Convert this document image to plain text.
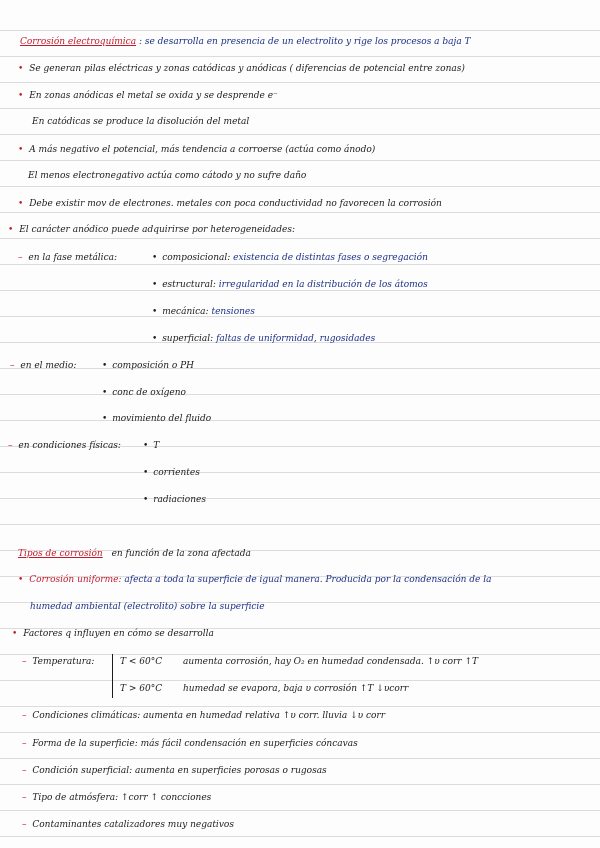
Corrosión electroquímica : se desarrolla en presencia de un electrolito y rige los procesos a baja T
• Se generan pilas eléctricas y zonas catódicas y anódicas ( diferencias de potencial entre zonas)
• En zonas anódicas el metal se oxida y se desprende e⁻
En catódicas se produce la disolución del metal
• A más negativo el potencial, más tendencia a corroerse (actúa como ánodo)
El menos electronegativo actúa como cátodo y no sufre daño
• Debe existir mov de electrones. metales con poca conductividad no favorecen la corrosión
• El carácter anódico puede adquirirse por heterogeneidades:
– en la fase metálica:	• composicional: existencia de distintas fases o segregación
• estructural: irregularidad en la distribución de los átomos
• mecánica: tensiones
• superficial: faltas de uniformidad, rugosidades
– en el medio:	• composición o PH
• conc de oxígeno
• movimiento del fluido
– en condiciones físicas: • T
• corrientes
• radiaciones
Tipos de corrosión en función de la zona afectada
• Corrosión uniforme: afecta a toda la superficie de igual manera. Producida por la condensación de la
humedad ambiental (electrolito) sobre la superficie
• Factores q influyen en cómo se desarrolla
– Temperatura:	T < 60°C aumenta corrosión, hay O₂ en humedad condensada. ↑υ corr ↑T
T > 60°C humedad se evapora, baja υ corrosión ↑T ↓υcorr
– Condiciones climáticas: aumenta en humedad relativa ↑υ corr. lluvia ↓υ corr
– Forma de la superficie: más fácil condensación en superficies cóncavas
– Condición superficial: aumenta en superficies porosas o rugosas
– Tipo de atmósfera: ↑corr ↑ concciones
– Contaminantes catalizadores muy negativos
